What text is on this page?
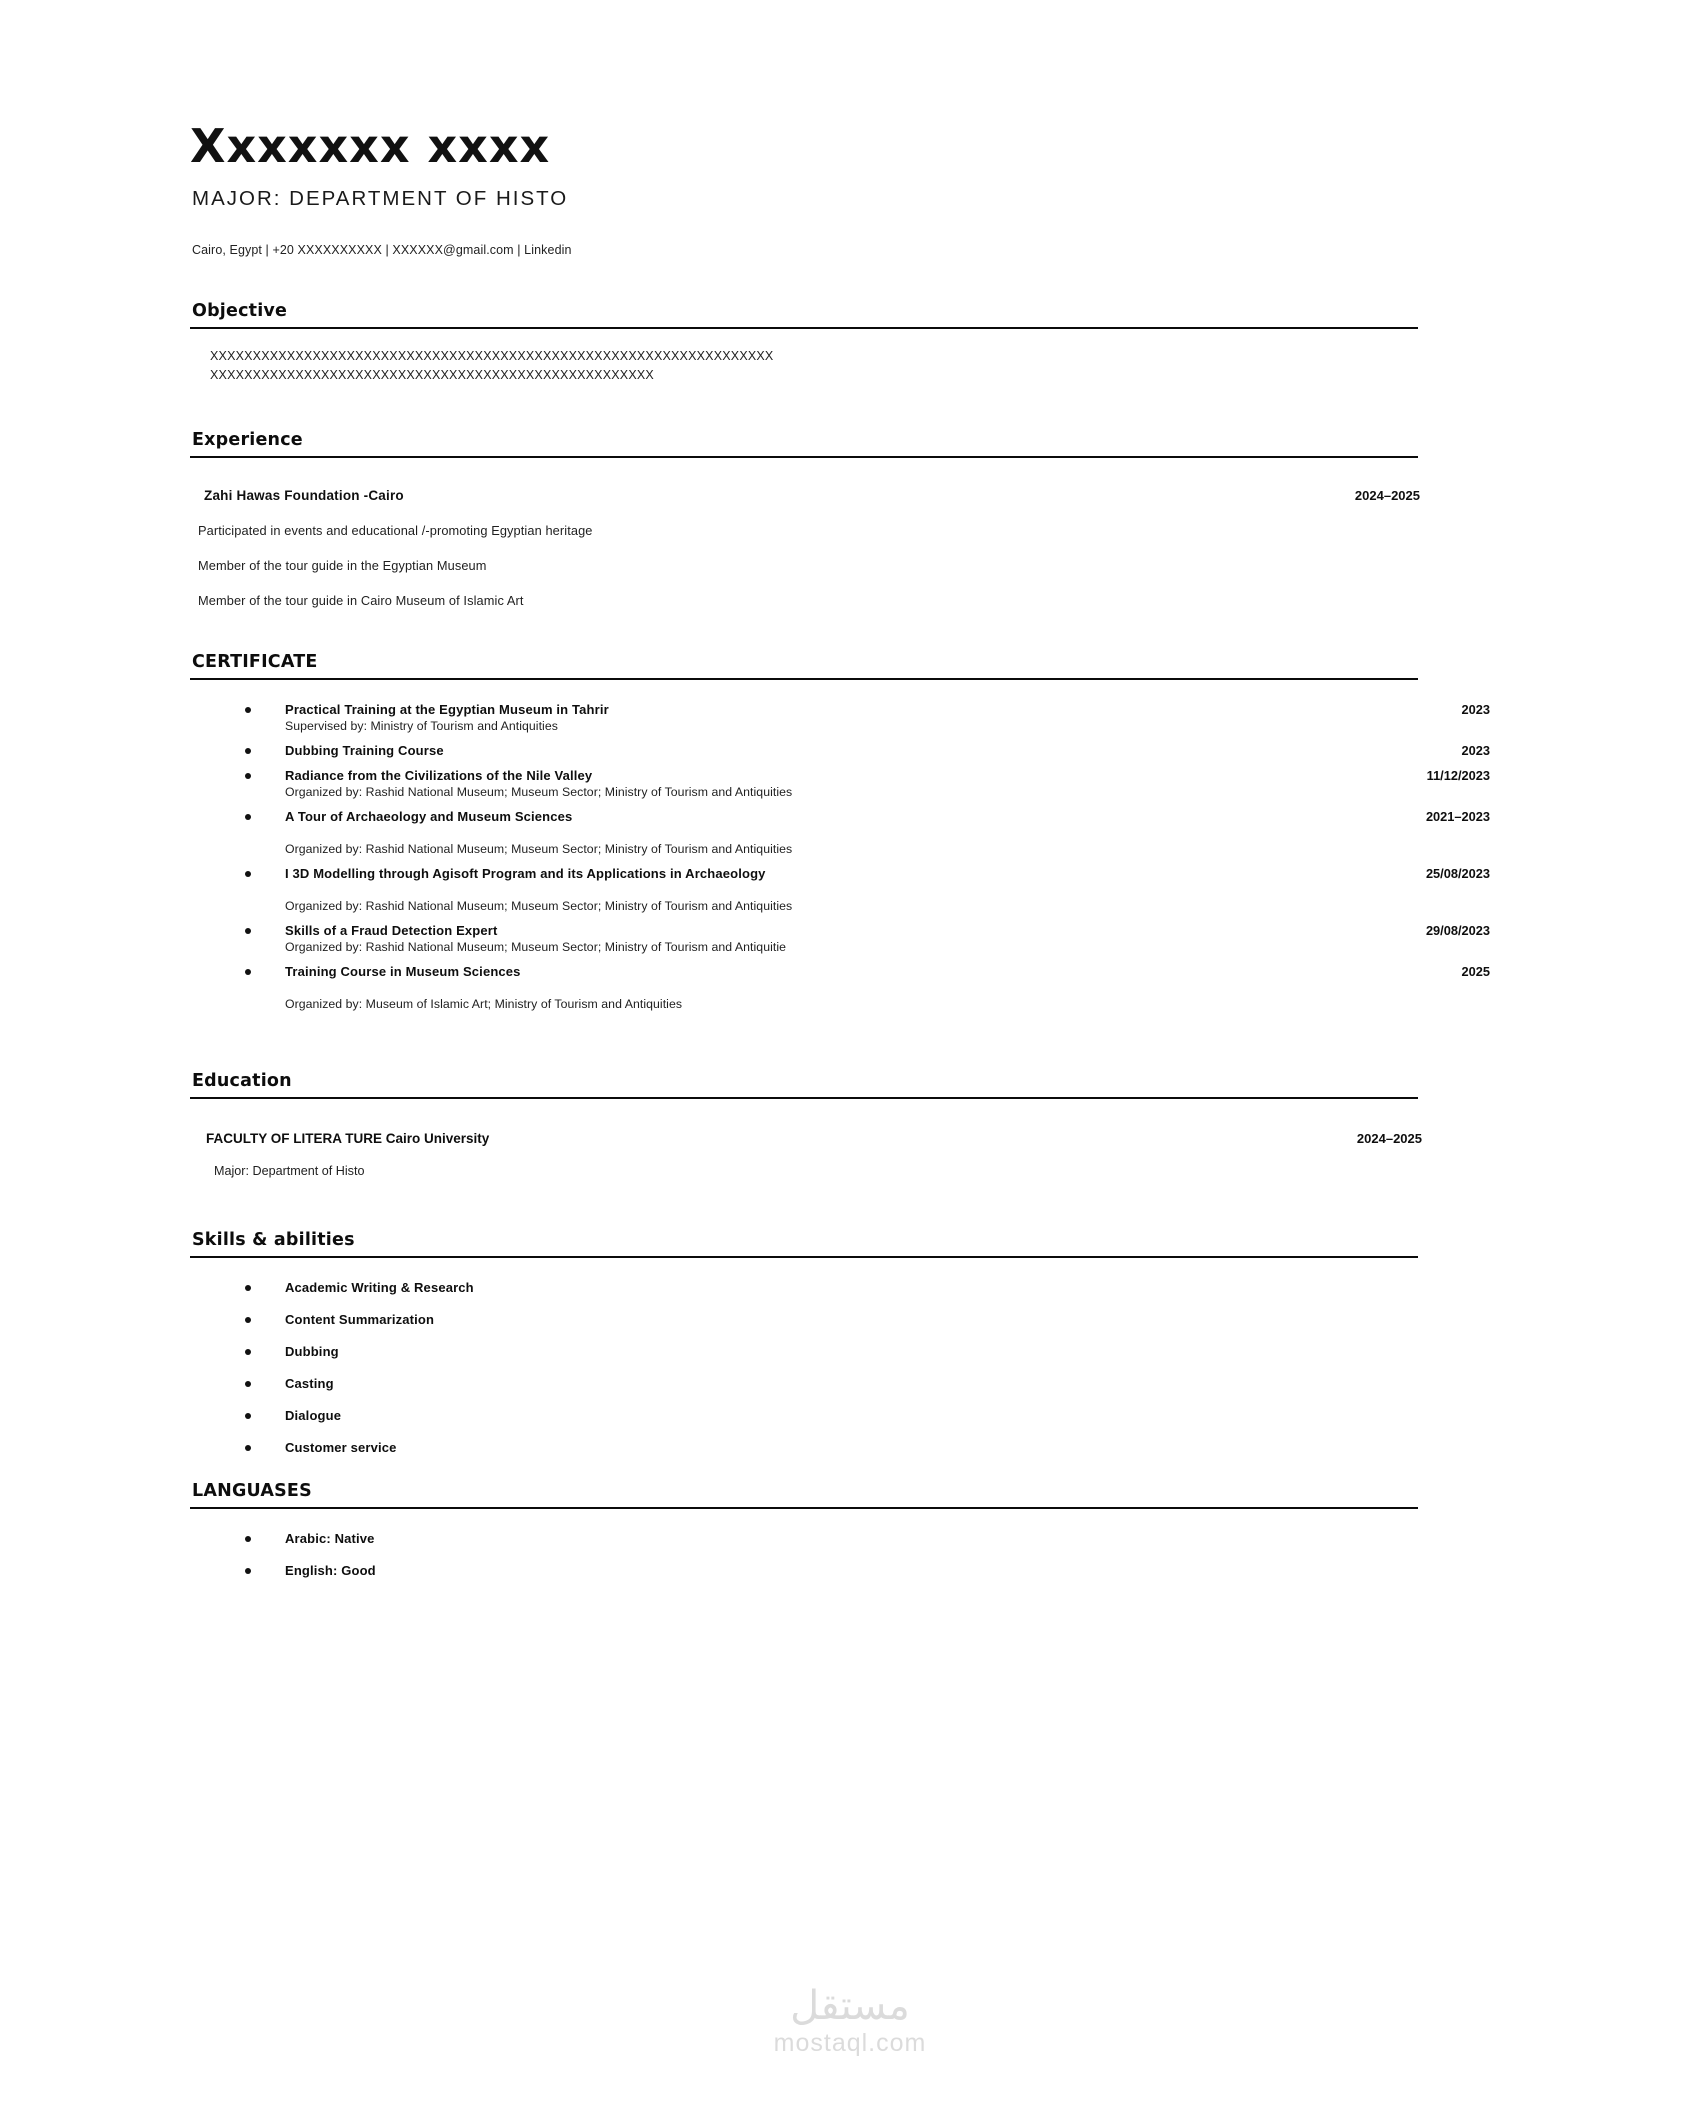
Xxxxxxx xxxx
MAJOR: DEPARTMENT OF HISTO
Cairo, Egypt | +20 XXXXXXXXXX | XXXXXX@gmail.com | Linkedin
Objective
XXXXXXXXXXXXXXXXXXXXXXXXXXXXXXXXXXXXXXXXXXXXXXXXXXXXXXXXXXXXXXXXXX
XXXXXXXXXXXXXXXXXXXXXXXXXXXXXXXXXXXXXXXXXXXXXXXXXXXX
Experience
Zahi Hawas Foundation -Cairo	2024–2025
Participated in events and educational /-promoting Egyptian heritage
Member of the tour guide in the Egyptian Museum
Member of the tour guide in Cairo Museum of Islamic Art
CERTIFICATE
Practical Training at the Egyptian Museum in Tahrir	2023
Supervised by: Ministry of Tourism and Antiquities
Dubbing Training Course	2023
Radiance from the Civilizations of the Nile Valley	11/12/2023
Organized by: Rashid National Museum; Museum Sector; Ministry of Tourism and Antiquities
A Tour of Archaeology and Museum Sciences	2021–2023
Organized by: Rashid National Museum; Museum Sector; Ministry of Tourism and Antiquities
I 3D Modelling through Agisoft Program and its Applications in Archaeology	25/08/2023
Organized by: Rashid National Museum; Museum Sector; Ministry of Tourism and Antiquities
Skills of a Fraud Detection Expert	29/08/2023
Organized by: Rashid National Museum; Museum Sector; Ministry of Tourism and Antiquitie
Training Course in Museum Sciences	2025
Organized by: Museum of Islamic Art; Ministry of Tourism and Antiquities
Education
FACULTY OF LITERA TURE Cairo University	2024–2025
Major: Department of Histo
Skills & abilities
Academic Writing & Research
Content Summarization
Dubbing
Casting
Dialogue
Customer service
LANGUASES
Arabic: Native
English: Good
مستقل
mostaql.com
